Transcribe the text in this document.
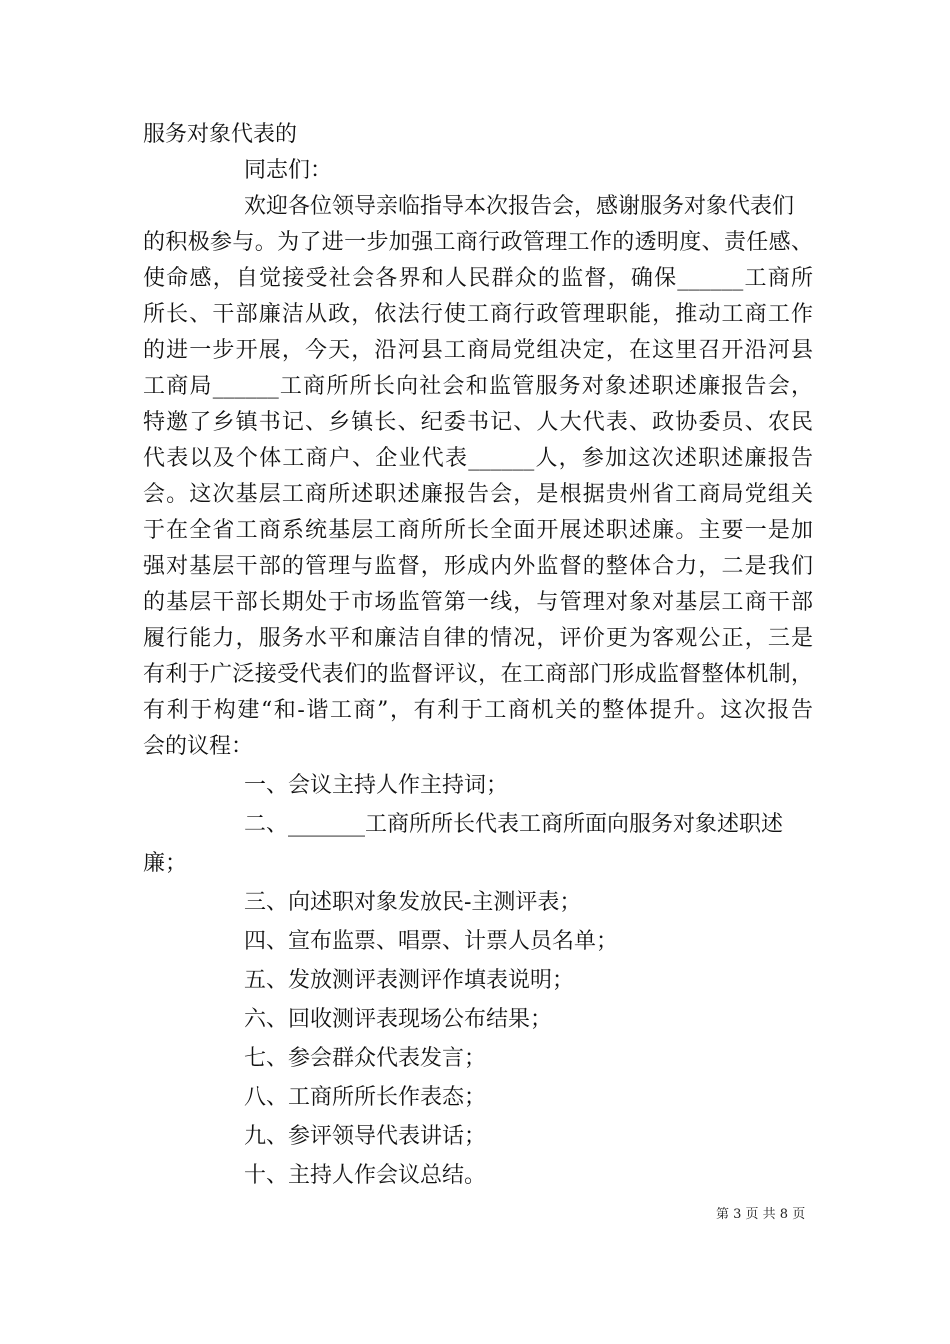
服务对象代表的

同志们：

欢迎各位领导亲临指导本次报告会，感谢服务对象代表们

的积极参与。为了进一步加强工商行政管理工作的透明度、责任感、

使命感，自觉接受社会各界和人民群众的监督，确保______工商所

所长、干部廉洁从政，依法行使工商行政管理职能，推动工商工作

的进一步开展，今天，沿河县工商局党组决定，在这里召开沿河县

工商局______工商所所长向社会和监管服务对象述职述廉报告会，

特邀了乡镇书记、乡镇长、纪委书记、人大代表、政协委员、农民

代表以及个体工商户、企业代表______人，参加这次述职述廉报告

会。这次基层工商所述职述廉报告会，是根据贵州省工商局党组关

于在全省工商系统基层工商所所长全面开展述职述廉。主要一是加

强对基层干部的管理与监督，形成内外监督的整体合力，二是我们

的基层干部长期处于市场监管第一线，与管理对象对基层工商干部

履行能力，服务水平和廉洁自律的情况，评价更为客观公正，三是

有利于广泛接受代表们的监督评议，在工商部门形成监督整体机制，

有利于构建“和-谐工商”，有利于工商机关的整体提升。这次报告

会的议程：

一、会议主持人作主持词；

二、_______工商所所长代表工商所面向服务对象述职述

廉；

三、向述职对象发放民-主测评表；

四、宣布监票、唱票、计票人员名单；

五、发放测评表测评作填表说明；

六、回收测评表现场公布结果；

七、参会群众代表发言；

八、工商所所长作表态；

九、参评领导代表讲话；

十、主持人作会议总结。

第 3 页 共 8 页
